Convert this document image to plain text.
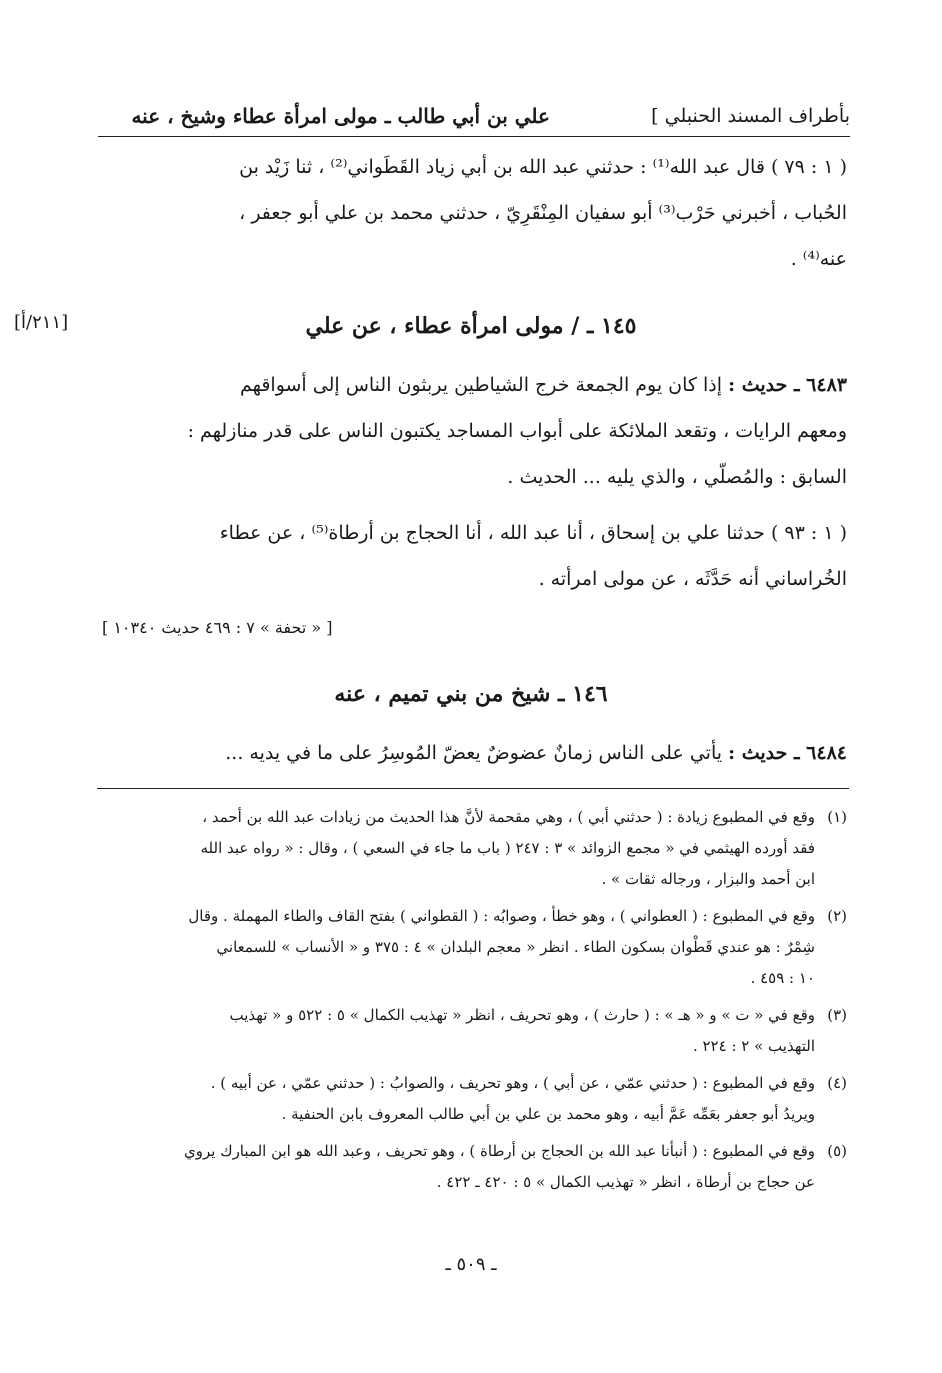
بأطراف المسند الحنبلي ]
علي بن أبي طالب ـ مولى امرأة عطاء وشيخ ، عنه

( ١ : ٧٩ ) قال عبد الله⁽¹⁾ : حدثني عبد الله بن أبي زياد القَطَواني⁽²⁾ ، ثنا زَيْد بن

الحُباب ، أخبرني حَرْب⁽³⁾ أبو سفيان المِنْقَرِيّ ، حدثني محمد بن علي أبو جعفر ،

عنه⁽⁴⁾ .

[٢١١/أ]	١٤٥ ـ / مولى امرأة عطاء ، عن علي

٦٤٨٣ ـ حديث : إذا كان يوم الجمعة خرج الشياطين يربثون الناس إلى أسواقهم

ومعهم الرايات ، وتقعد الملائكة على أبواب المساجد يكتبون الناس على قدر منازلهم :

السابق : والمُصلّي ، والذي يليه ... الحديث .

( ١ : ٩٣ ) حدثنا علي بن إسحاق ، أنا عبد الله ، أنا الحجاج بن أرطاة⁽⁵⁾ ، عن عطاء

الخُراساني أنه حَدَّثَه ، عن مولى امرأته .

[ « تحفة » ٧ : ٤٦٩ حديث ١٠٣٤٠ ]
١٤٦ ـ شيخ من بني تميم ، عنه

٦٤٨٤ ـ حديث : يأتي على الناس زمانٌ عضوضٌ يعضّ المُوسِرُ على ما في يديه ...

(١)
وقع في المطبوع زيادة : ( حدثني أبي ) ، وهي مقحمة لأنَّ هذا الحديث من زيادات عبد الله بن أحمد ،
فقد أورده الهيثمي في « مجمع الزوائد » ٣ : ٢٤٧ ( باب ما جاء في السعي ) ، وقال : « رواه عبد الله
ابن أحمد والبزار ، ورجاله ثقات » .
(٢)
وقع في المطبوع : ( العطواني ) ، وهو خطأ ، وصوابُه : ( القطواني ) بفتح القاف والطاء المهملة . وقال
شِمْرٌ : هو عندي قَطْوان بسكون الطاء . انظر « معجم البلدان » ٤ : ٣٧٥ و « الأنساب » للسمعاني
١٠ : ٤٥٩ .
(٣)
وقع في « ت » و « هـ » : ( حارث ) ، وهو تحريف ، انظر « تهذيب الكمال » ٥ : ٥٢٢ و « تهذيب
التهذيب » ٢ : ٢٢٤ .
(٤)
وقع في المطبوع : ( حدثني عمّي ، عن أبي ) ، وهو تحريف ، والصوابُ : ( حدثني عمّي ، عن أبيه ) .
ويريدُ أبو جعفر بعَمِّه عَمَّ أبيه ، وهو محمد بن علي بن أبي طالب المعروف بابن الحنفية .
(٥)
وقع في المطبوع : ( أنبأنا عبد الله بن الحجاج بن أرطاة ) ، وهو تحريف ، وعبد الله هو ابن المبارك يروي
عن حجاج بن أرطاة ، انظر « تهذيب الكمال » ٥ : ٤٢٠ ـ ٤٢٢ .
ـ ٥٠٩ ـ
